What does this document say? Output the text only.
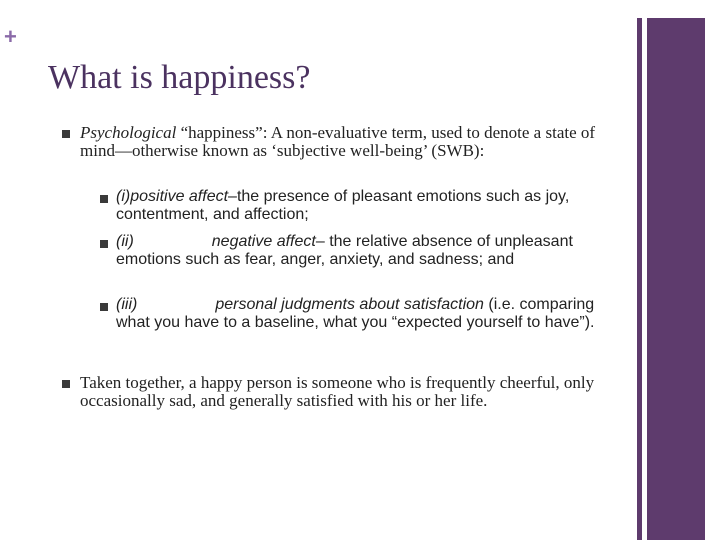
+
What is happiness?
Psychological “happiness”: A non-evaluative term, used to denote a state of mind—otherwise known as ‘subjective well-being’ (SWB):
(i)positive affect–the presence of pleasant emotions such as joy, contentment, and affection;
(ii)	negative affect– the relative absence of unpleasant emotions such as fear, anger, anxiety, and sadness; and
(iii)	personal judgments about satisfaction (i.e. comparing what you have to a baseline, what you “expected yourself to have”).
Taken together, a happy person is someone who is frequently cheerful, only occasionally sad, and generally satisfied with his or her life.
